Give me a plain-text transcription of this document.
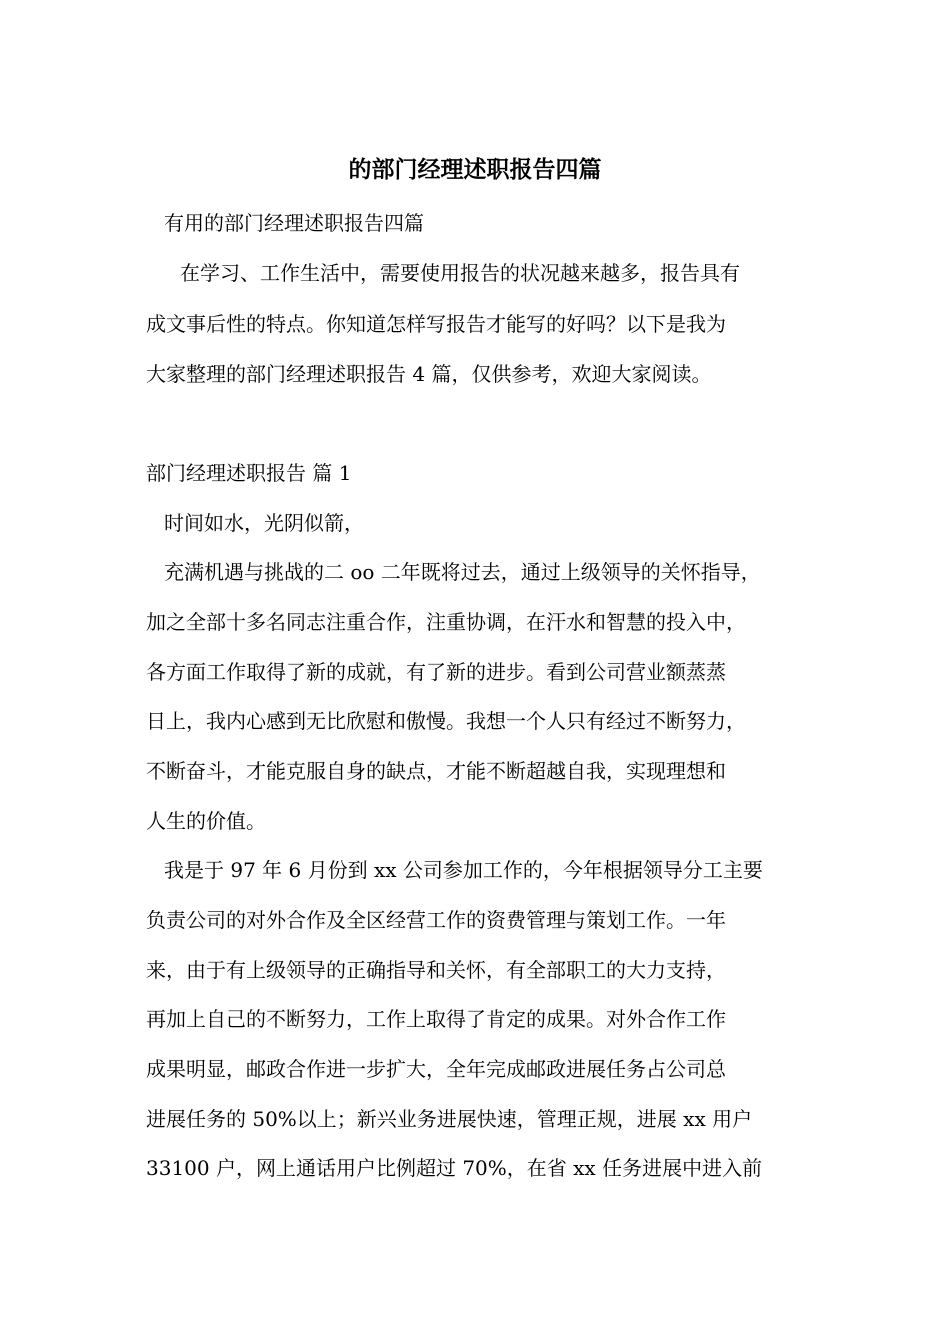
的部门经理述职报告四篇
有用的部门经理述职报告四篇
在学习、工作生活中，需要使用报告的状况越来越多，报告具有
成文事后性的特点。你知道怎样写报告才能写的好吗？以下是我为
大家整理的部门经理述职报告 4 篇，仅供参考，欢迎大家阅读。
部门经理述职报告 篇 1
时间如水，光阴似箭，
充满机遇与挑战的二 oo 二年既将过去，通过上级领导的关怀指导，
加之全部十多名同志注重合作，注重协调，在汗水和智慧的投入中，
各方面工作取得了新的成就，有了新的进步。看到公司营业额蒸蒸
日上，我内心感到无比欣慰和傲慢。我想一个人只有经过不断努力，
不断奋斗，才能克服自身的缺点，才能不断超越自我，实现理想和
人生的价值。
我是于 97 年 6 月份到 xx 公司参加工作的，今年根据领导分工主要
负责公司的对外合作及全区经营工作的资费管理与策划工作。一年
来，由于有上级领导的正确指导和关怀，有全部职工的大力支持，
再加上自己的不断努力，工作上取得了肯定的成果。对外合作工作
成果明显，邮政合作进一步扩大，全年完成邮政进展任务占公司总
进展任务的 50%以上；新兴业务进展快速，管理正规，进展 xx 用户
33100 户，网上通话用户比例超过 70%，在省 xx 任务进展中进入前
